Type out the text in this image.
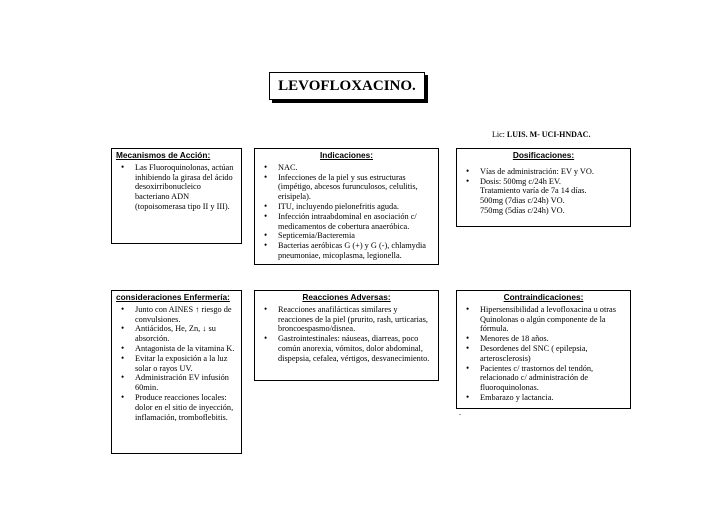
LEVOFLOXACINO.
Lic: LUIS. M- UCI-HNDAC.
Mecanismos de Acción:
• Las Fluoroquinolonas, actúan inhibiendo la girasa del ácido desoxirribonucleico bacteriano ADN (topoisomerasa tipo II y III).
Indicaciones:
• NAC.
• Infecciones de la piel y sus estructuras (impétigo, abcesos furunculosos, celulitis, erisipela).
• ITU, incluyendo pielonefritis aguda.
• Infección intraabdominal en asociación c/ medicamentos de cobertura anaeróbica.
• Septicemia/Bacteremia
• Bacterias aeróbicas G (+) y G (-), chlamydia pneumoniae, micoplasma, legionella.
Dosificaciones:
• Vías de administración: EV y VO.
• Dosis: 500mg c/24h EV.
Tratamiento varía de 7a 14 días.
500mg (7dias c/24h) VO.
750mg (5días c/24h) VO.
consideraciones Enfermería:
• Junto con AINES ↑ riesgo de convulsiones.
• Antiácidos, He, Zn, ↓ su absorción.
• Antagonista de la vitamina K.
• Evitar la exposición a la luz solar o rayos UV.
• Administración EV infusión 60min.
• Produce reacciones locales: dolor en el sitio de inyección, inflamación, tromboflebitis.
Reacciones Adversas:
• Reacciones anafilácticas similares y reacciones de la piel (prurito, rash, urticarias, broncoespasmo/disnea.
• Gastrointestinales: náuseas, diarreas, poco común anorexia, vómitos, dolor abdominal, dispepsia, cefalea, vértigos, desvanecimiento.
Contraindicaciones:
• Hipersensibilidad a levofloxacina u otras Quinolonas o algún componente de la fórmula.
• Menores de 18 años.
• Desordenes del SNC ( epilepsia, arterosclerosis)
• Pacientes c/ trastornos del tendón, relacionado c/ administración de fluoroquinolonas.
• Embarazo y lactancia.
.
